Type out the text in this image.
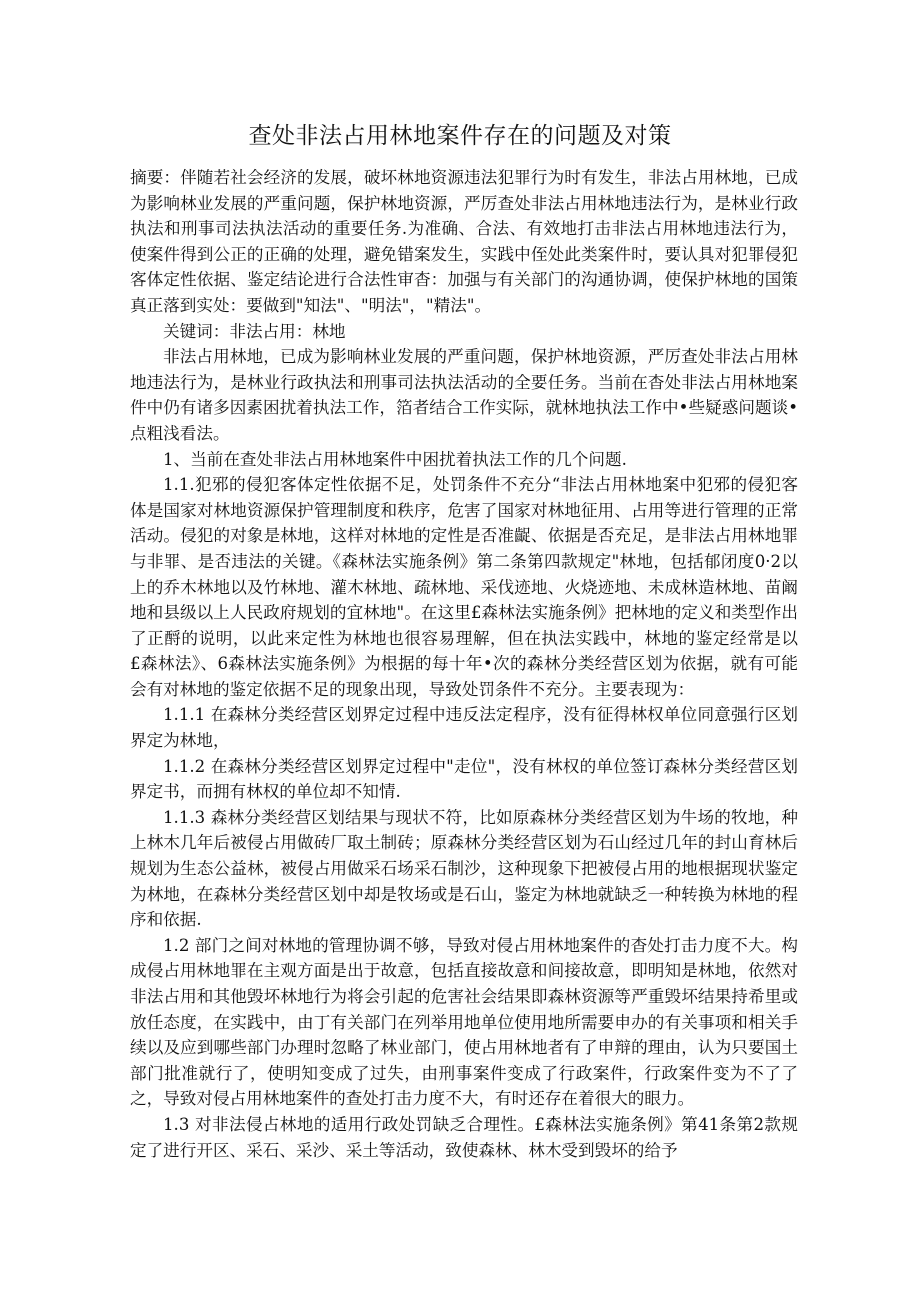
查处非法占用林地案件存在的问题及对策

摘要：伴随若社会经济的发展，破坏林地资源违法犯罪行为时有发生，非法占用林地，已成为影响林业发展的严重问题，保护林地资源，严厉查处非法占用林地违法行为，是林业行政执法和刑事司法执法活动的重要任务.为准确、合法、有效地打击非法占用林地违法行为，使案件得到公正的正确的处理，避免错案发生，实践中侄处此类案件时，要认具对犯罪侵犯客体定性依据、鉴定结论进行合法性审杳：加强与有关部门的沟通协调，使保护林地的国策真正落到实处：要做到"知法"、"明法"，"精法"。

关键词：非法占用：林地

非法占用林地，已成为影响林业发展的严重问题，保护林地资源，严厉查处非法占用林地违法行为，是林业行政执法和刑事司法执法活动的全要任务。当前在杳处非法占用林地案件中仍有诸多因素困扰着执法工作，箔者结合工作实际，就林地执法工作中•些疑惑问题谈•点粗浅看法。

1、当前在查处非法占用林地案件中困扰着执法工作的几个问题.

1.1.犯邪的侵犯客体定性依据不足，处罚条件不充分“非法占用林地案中犯邪的侵犯客体是国家对林地资源保护管理制度和秩序，危害了国家对林地征用、占用等进行管理的正常活动。侵犯的对象是林地，这样对林地的定性是否准齪、依据是否充足，是非法占用林地罪与非罪、是否违法的关键。《森林法实施条例》第二条第四款规定"林地，包括郁闭度0·2以上的乔木林地以及竹林地、灌木林地、疏林地、采伐迹地、火烧迹地、未成林造林地、苗阚地和县级以上人民政府规划的宜林地"。在这里£森林法实施条例》把林地的定义和类型作出了正酹的说明，以此来定性为林地也很容易理解，但在执法实践中，林地的鉴定经常是以£森林法》、6森林法实施条例》为根据的每十年•次的森林分类经营区划为依据，就有可能会有对林地的鉴定依据不足的现象出现，导致处罚条件不充分。主要表现为：

1.1.1 在森林分类经营区划界定过程中违反法定程序，没有征得林权单位同意强行区划界定为林地，

1.1.2 在森林分类经营区划界定过程中"走位"，没有林权的单位签订森林分类经营区划界定书，而拥有林权的单位却不知情.

1.1.3 森林分类经营区划结果与现状不符，比如原森林分类经营区划为牛场的牧地，种上林木几年后被侵占用做砖厂取土制砖；原森林分类经营区划为石山经过几年的封山育林后规划为生态公益林，被侵占用做采石场采石制沙，这种现象下把被侵占用的地根据现状鉴定为林地，在森林分类经营区划中却是牧场或是石山，鉴定为林地就缺乏一种转换为林地的程序和依据.

1.2 部门之间对林地的管理协调不够，导致对侵占用林地案件的杳处打击力度不大。构成侵占用林地罪在主观方面是出于故意，包括直接故意和间接故意，即明知是林地，依然对非法占用和其他毁坏林地行为将会引起的危害社会结果即森林资源等严重毁坏结果持希里或放任态度，在实践中，由丁有关部门在列举用地单位使用地所需要申办的有关事项和相关手续以及应到哪些部门办理时忽略了林业部门，使占用林地者有了申辩的理由，认为只要国土部门批准就行了，使明知变成了过失，由刑事案件变成了行政案件，行政案件变为不了了之，导致对侵占用林地案件的查处打击力度不大，有时还存在着很大的眼力。

1.3 对非法侵占林地的适用行政处罚缺乏合理性。£森林法实施条例》第41条第2款规定了进行开区、采石、采沙、采土等活动，致使森林、林木受到毁坏的给予
